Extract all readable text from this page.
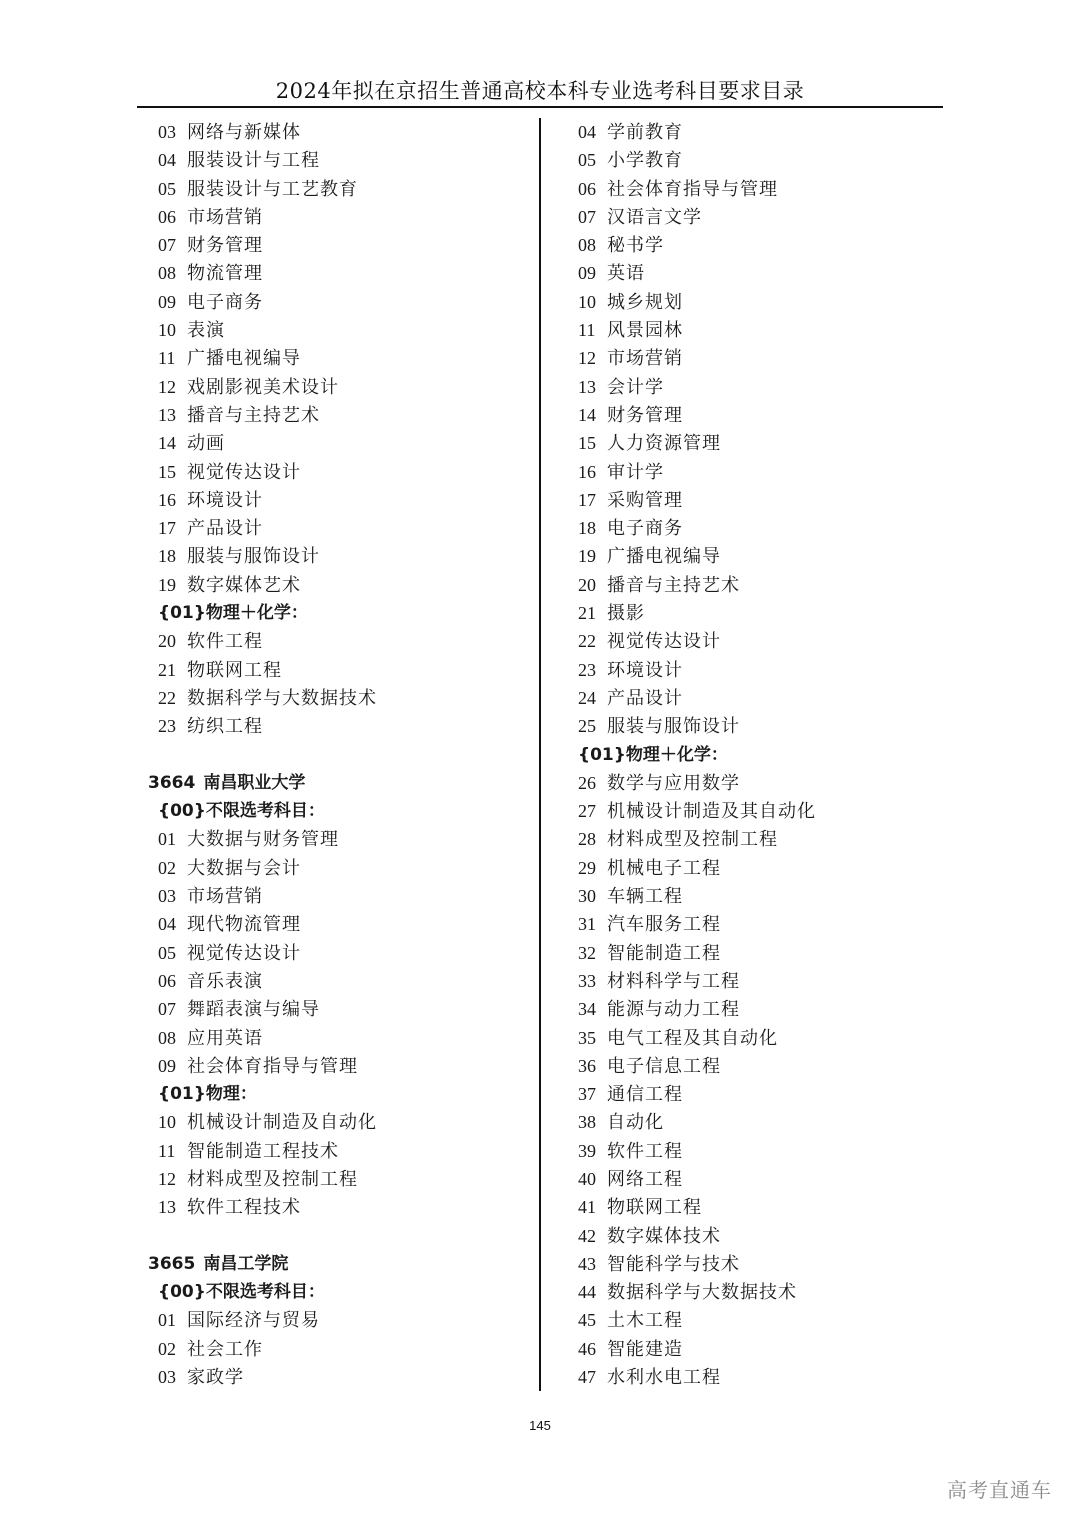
2024年拟在京招生普通高校本科专业选考科目要求目录
03 网络与新媒体
04 服装设计与工程
05 服装设计与工艺教育
06 市场营销
07 财务管理
08 物流管理
09 电子商务
10 表演
11 广播电视编导
12 戏剧影视美术设计
13 播音与主持艺术
14 动画
15 视觉传达设计
16 环境设计
17 产品设计
18 服装与服饰设计
19 数字媒体艺术
{01}物理＋化学：
20 软件工程
21 物联网工程
22 数据科学与大数据技术
23 纺织工程
3664 南昌职业大学
{00}不限选考科目：
01 大数据与财务管理
02 大数据与会计
03 市场营销
04 现代物流管理
05 视觉传达设计
06 音乐表演
07 舞蹈表演与编导
08 应用英语
09 社会体育指导与管理
{01}物理：
10 机械设计制造及自动化
11 智能制造工程技术
12 材料成型及控制工程
13 软件工程技术
3665 南昌工学院
{00}不限选考科目：
01 国际经济与贸易
02 社会工作
03 家政学
04 学前教育
05 小学教育
06 社会体育指导与管理
07 汉语言文学
08 秘书学
09 英语
10 城乡规划
11 风景园林
12 市场营销
13 会计学
14 财务管理
15 人力资源管理
16 审计学
17 采购管理
18 电子商务
19 广播电视编导
20 播音与主持艺术
21 摄影
22 视觉传达设计
23 环境设计
24 产品设计
25 服装与服饰设计
{01}物理＋化学：
26 数学与应用数学
27 机械设计制造及其自动化
28 材料成型及控制工程
29 机械电子工程
30 车辆工程
31 汽车服务工程
32 智能制造工程
33 材料科学与工程
34 能源与动力工程
35 电气工程及其自动化
36 电子信息工程
37 通信工程
38 自动化
39 软件工程
40 网络工程
41 物联网工程
42 数字媒体技术
43 智能科学与技术
44 数据科学与大数据技术
45 土木工程
46 智能建造
47 水利水电工程
145
高考直通车
